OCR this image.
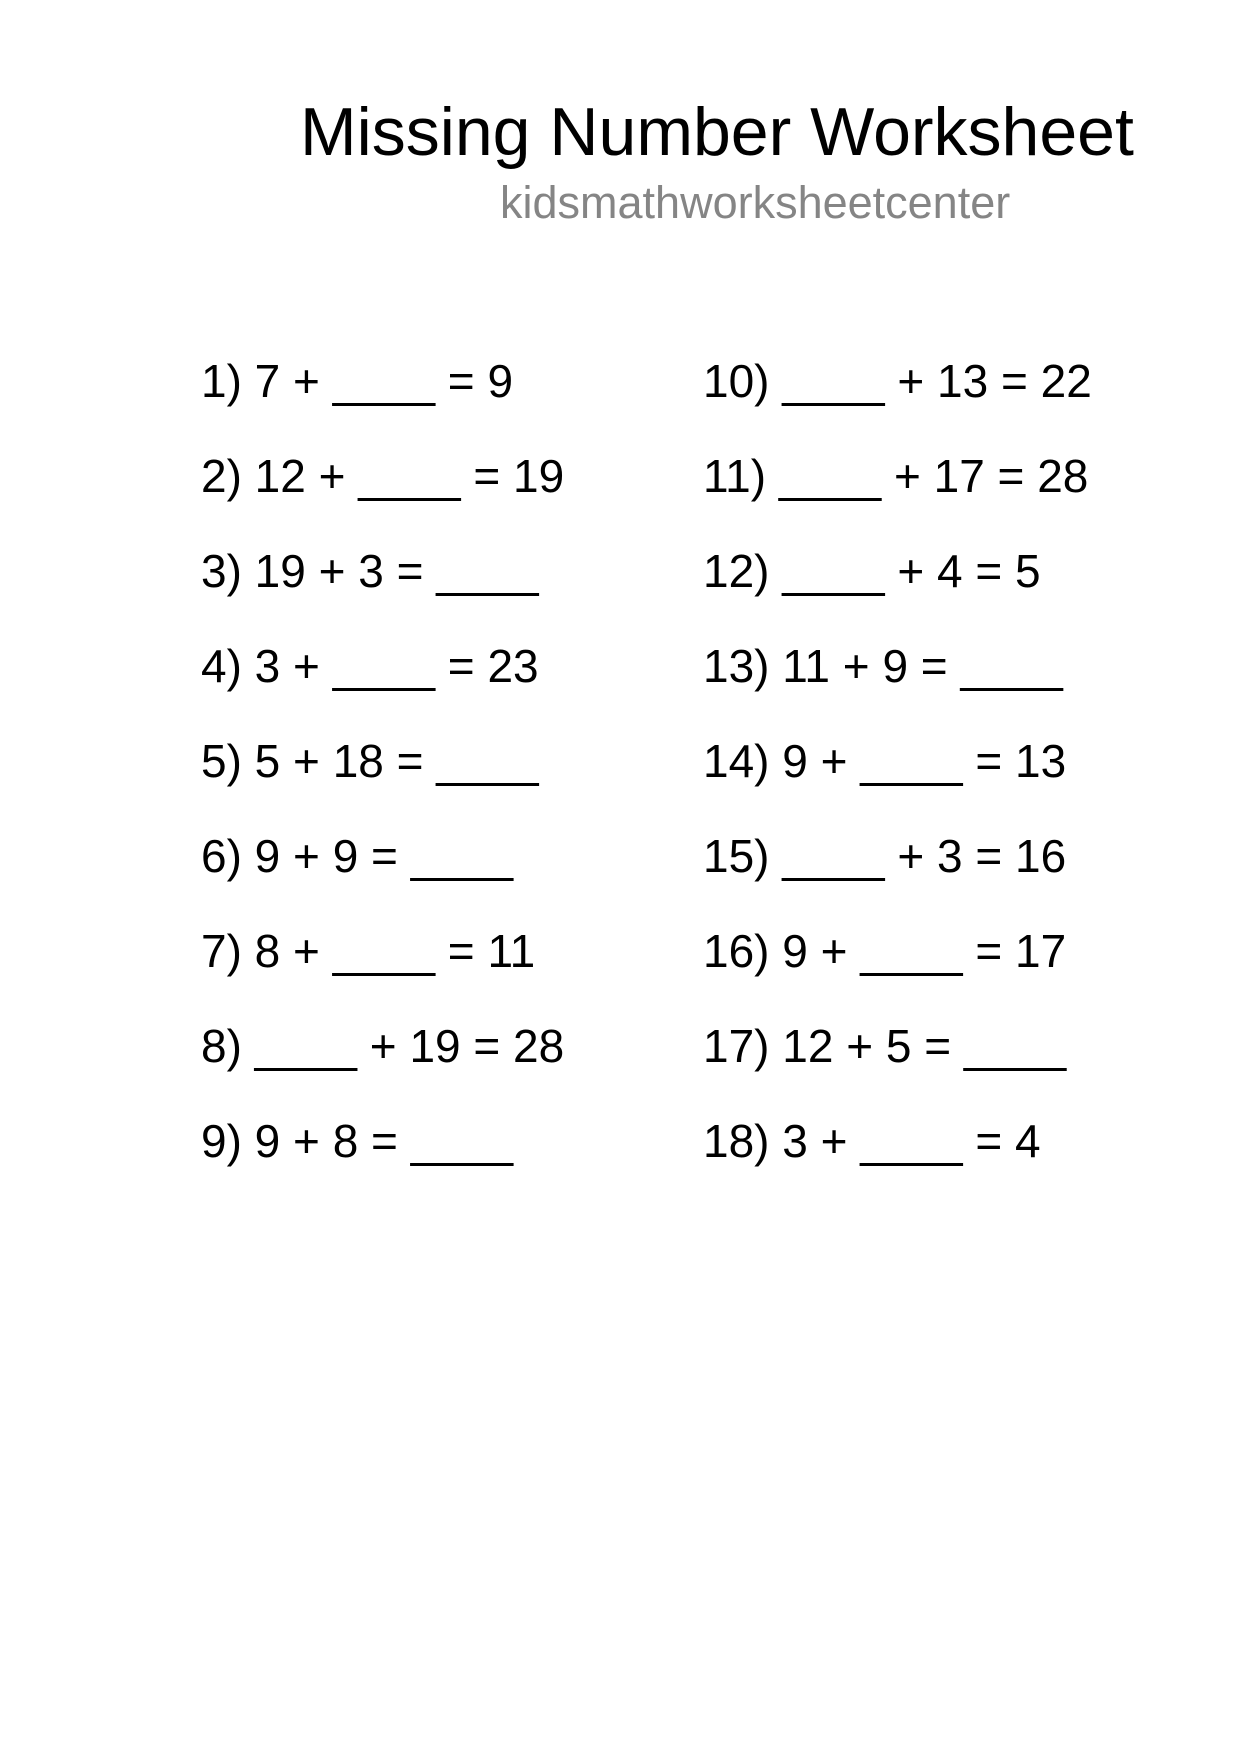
Missing Number Worksheet
kidsmathworksheetcenter
1) 7 + ____ = 9
2) 12 + ____ = 19
3) 19 + 3 = ____
4) 3 + ____ = 23
5) 5 + 18 = ____
6) 9 + 9 = ____
7) 8 + ____ = 11
8) ____ + 19 = 28
9) 9 + 8 = ____
10) ____ + 13 = 22
11) ____ + 17 = 28
12) ____ + 4 = 5
13) 11 + 9 = ____
14) 9 + ____ = 13
15) ____ + 3 = 16
16) 9 + ____ = 17
17) 12 + 5 = ____
18) 3 + ____ = 4
